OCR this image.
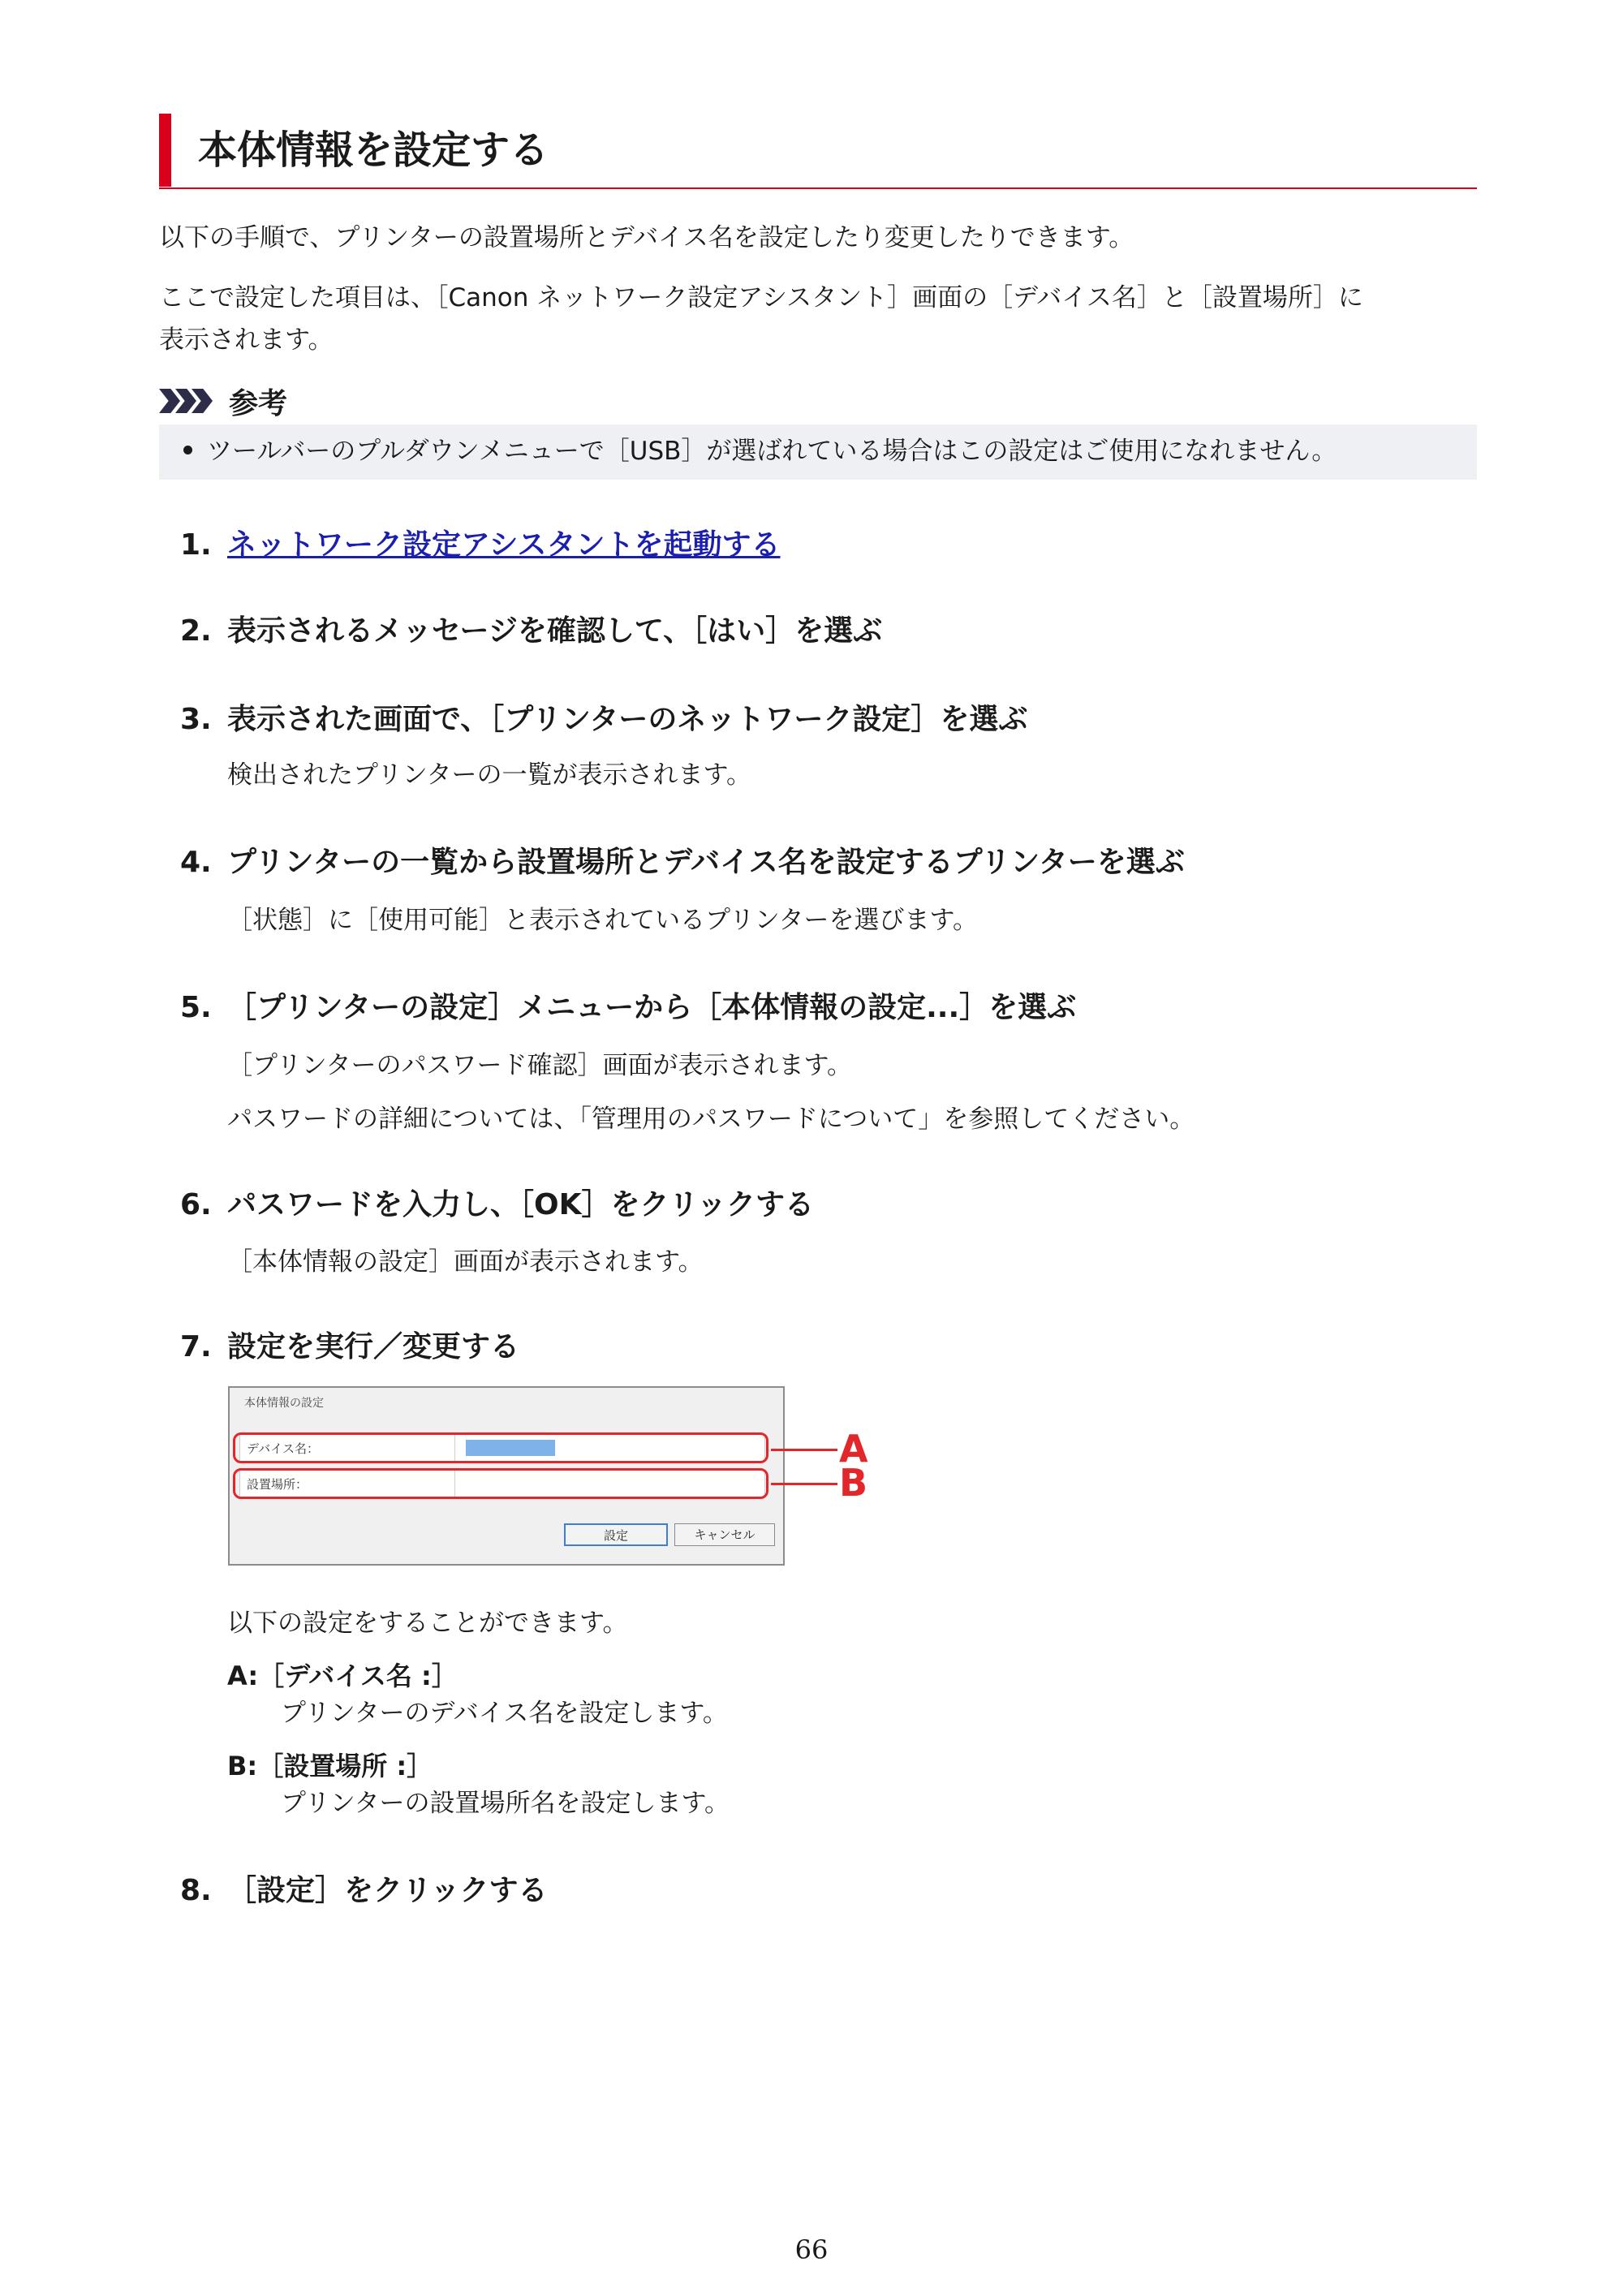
本体情報を設定する
以下の手順で、プリンターの設置場所とデバイス名を設定したり変更したりできます。
ここで設定した項目は、［Canon ネットワーク設定アシスタント］画面の［デバイス名］と［設置場所］に
表示されます。
参考
ツールバーのプルダウンメニューで［USB］が選ばれている場合はこの設定はご使用になれません。
1. ネットワーク設定アシスタントを起動する
2. 表示されるメッセージを確認して、［はい］を選ぶ
3. 表示された画面で、［プリンターのネットワーク設定］を選ぶ
検出されたプリンターの一覧が表示されます。
4. プリンターの一覧から設置場所とデバイス名を設定するプリンターを選ぶ
［状態］に［使用可能］と表示されているプリンターを選びます。
5. ［プリンターの設定］メニューから［本体情報の設定...］を選ぶ
［プリンターのパスワード確認］画面が表示されます。
パスワードの詳細については、「管理用のパスワードについて」を参照してください。
6. パスワードを入力し、［OK］をクリックする
［本体情報の設定］画面が表示されます。
7. 設定を実行／変更する
本体情報の設定
デバイス名：
設置場所：
設定	キャンセル
A
B
以下の設定をすることができます。
A:［デバイス名 :］
プリンターのデバイス名を設定します。
B:［設置場所 :］
プリンターの設置場所名を設定します。
8. ［設定］をクリックする
66
